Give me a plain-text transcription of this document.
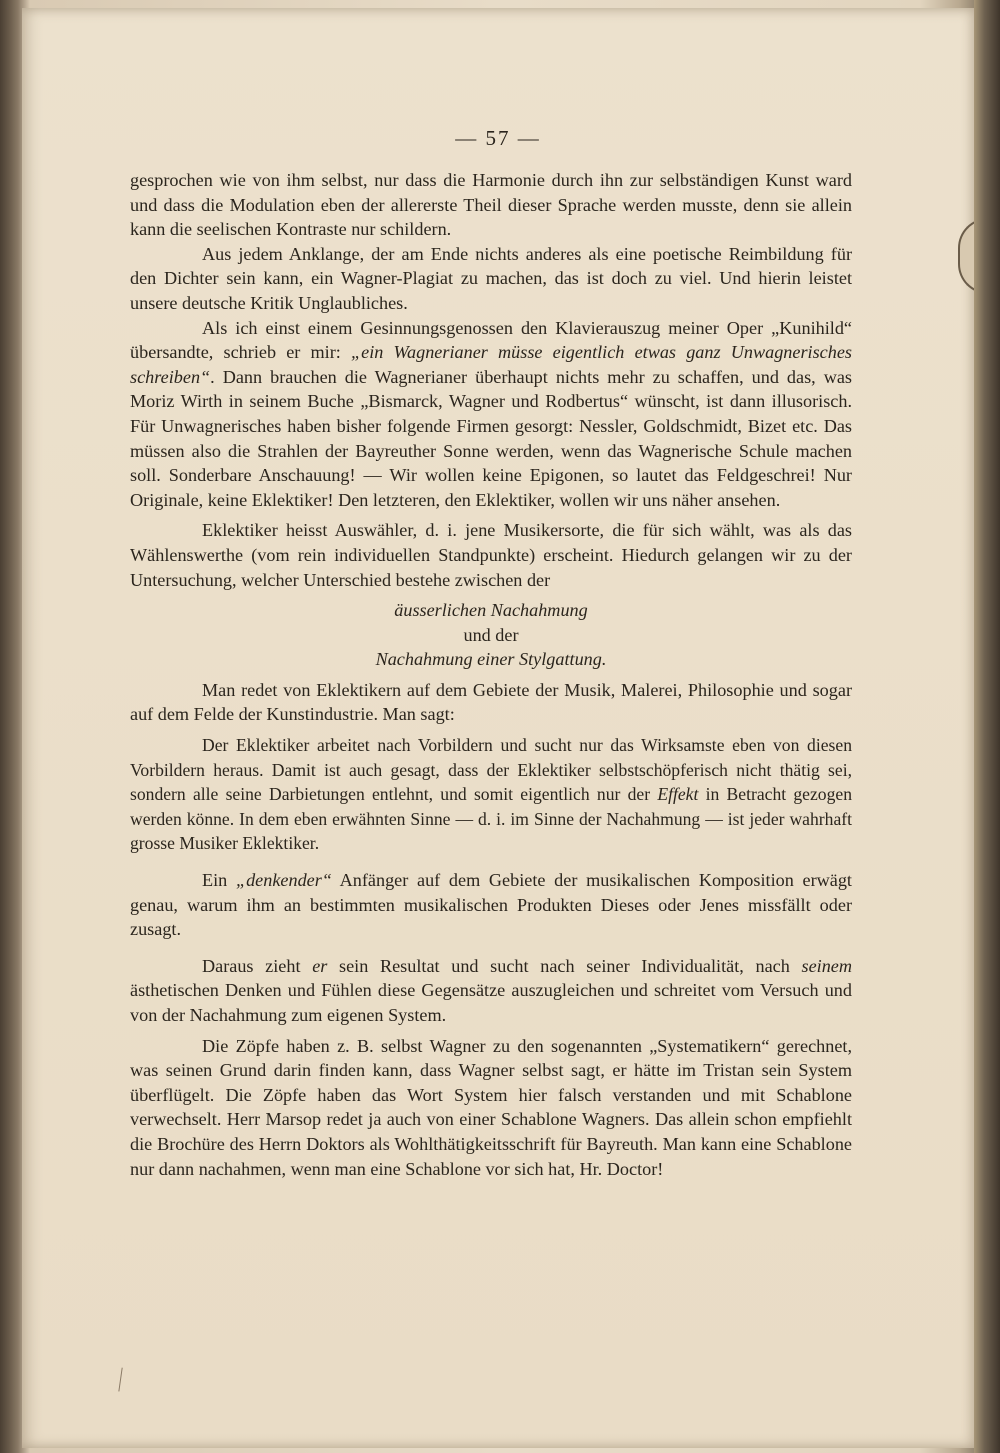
— 57 —

gesprochen wie von ihm selbst, nur dass die Harmonie durch ihn zur selbständigen Kunst ward und dass die Modulation eben der allererste Theil dieser Sprache werden musste, denn sie allein kann die seelischen Kontraste nur schildern.

Aus jedem Anklange, der am Ende nichts anderes als eine poetische Reimbildung für den Dichter sein kann, ein Wagner-Plagiat zu machen, das ist doch zu viel. Und hierin leistet unsere deutsche Kritik Unglaubliches.

Als ich einst einem Gesinnungsgenossen den Klavierauszug meiner Oper „Kunihild“ übersandte, schrieb er mir: „ein Wagnerianer müsse eigentlich etwas ganz Unwagnerisches schreiben“. Dann brauchen die Wagnerianer überhaupt nichts mehr zu schaffen, und das, was Moriz Wirth in seinem Buche „Bismarck, Wagner und Rodbertus“ wünscht, ist dann illusorisch. Für Unwagnerisches haben bisher folgende Firmen gesorgt: Nessler, Goldschmidt, Bizet etc. Das müssen also die Strahlen der Bayreuther Sonne werden, wenn das Wagnerische Schule machen soll. Sonderbare Anschauung! — Wir wollen keine Epigonen, so lautet das Feldgeschrei! Nur Originale, keine Eklektiker! Den letzteren, den Eklektiker, wollen wir uns näher ansehen.

Eklektiker heisst Auswähler, d. i. jene Musikersorte, die für sich wählt, was als das Wählenswerthe (vom rein individuellen Standpunkte) erscheint. Hiedurch gelangen wir zu der Untersuchung, welcher Unterschied bestehe zwischen der

äusserlichen Nachahmung

und der

Nachahmung einer Stylgattung.

Man redet von Eklektikern auf dem Gebiete der Musik, Malerei, Philosophie und sogar auf dem Felde der Kunstindustrie. Man sagt:

Der Eklektiker arbeitet nach Vorbildern und sucht nur das Wirksamste eben von diesen Vorbildern heraus. Damit ist auch gesagt, dass der Eklektiker selbstschöpferisch nicht thätig sei, sondern alle seine Darbietungen entlehnt, und somit eigentlich nur der Effekt in Betracht gezogen werden könne. In dem eben erwähnten Sinne — d. i. im Sinne der Nachahmung — ist jeder wahrhaft grosse Musiker Eklektiker.

Ein „denkender“ Anfänger auf dem Gebiete der musikalischen Komposition erwägt genau, warum ihm an bestimmten musikalischen Produkten Dieses oder Jenes missfällt oder zusagt.

Daraus zieht er sein Resultat und sucht nach seiner Individualität, nach seinem ästhetischen Denken und Fühlen diese Gegensätze auszugleichen und schreitet vom Versuch und von der Nachahmung zum eigenen System.

Die Zöpfe haben z. B. selbst Wagner zu den sogenannten „Systematikern“ gerechnet, was seinen Grund darin finden kann, dass Wagner selbst sagt, er hätte im Tristan sein System überflügelt. Die Zöpfe haben das Wort System hier falsch verstanden und mit Schablone verwechselt. Herr Marsop redet ja auch von einer Schablone Wagners. Das allein schon empfiehlt die Brochüre des Herrn Doktors als Wohlthätigkeitsschrift für Bayreuth. Man kann eine Schablone nur dann nachahmen, wenn man eine Schablone vor sich hat, Hr. Doctor!
